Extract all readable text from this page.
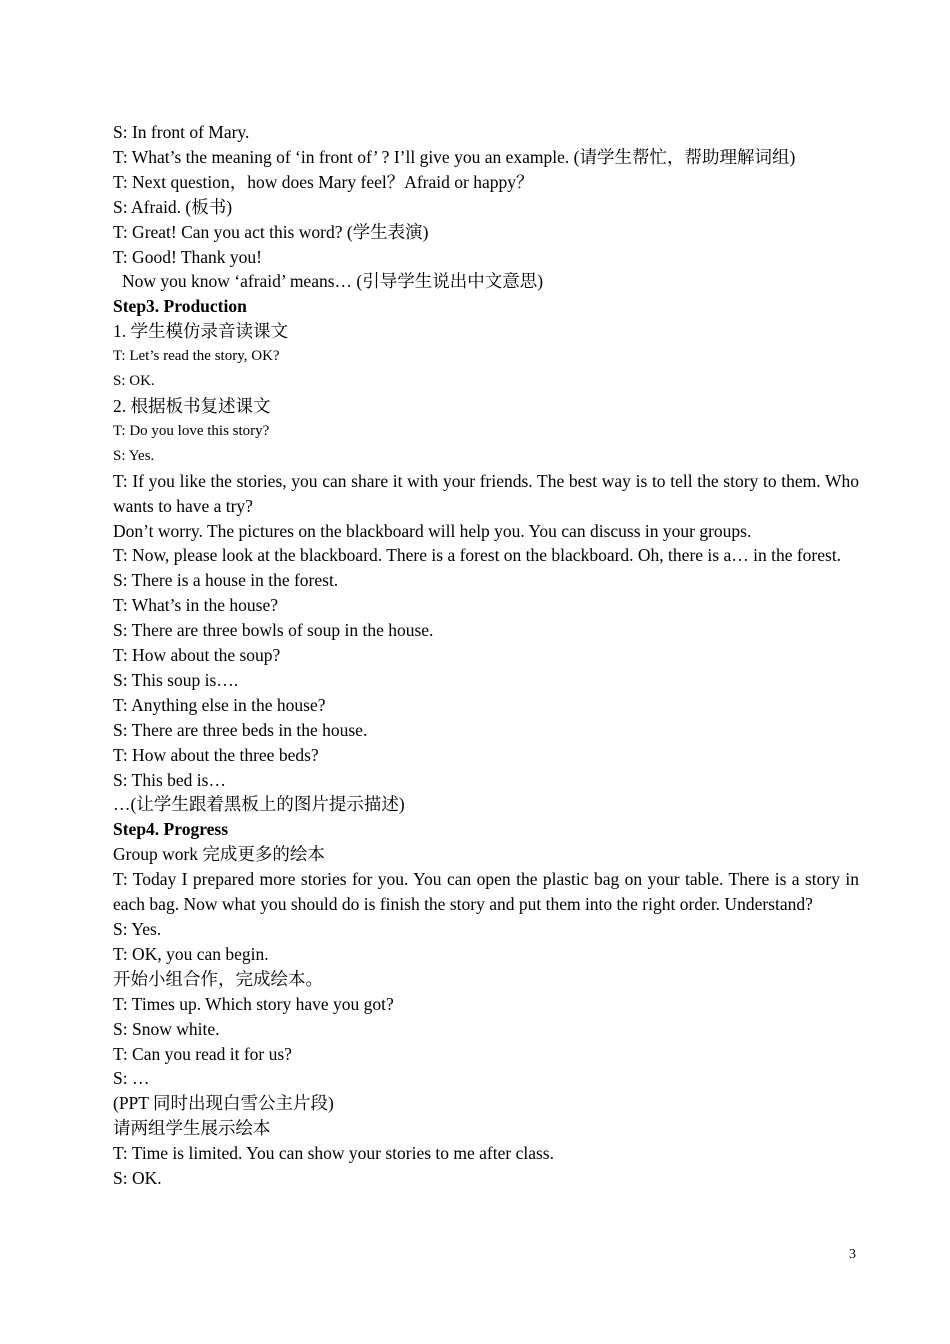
S: In front of Mary.
T: What’s the meaning of ‘in front of’ ? I’ll give you an example. (请学生帮忙，帮助理解词组)
T: Next question，how does Mary feel？Afraid or happy？
S: Afraid. (板书)
T: Great! Can you act this word? (学生表演)
T: Good! Thank you!
Now you know ‘afraid’ means… (引导学生说出中文意思)
Step3. Production
1. 学生模仿录音读课文
T: Let’s read the story, OK?
S: OK.
2. 根据板书复述课文
T: Do you love this story?
S: Yes.
T: If you like the stories, you can share it with your friends. The best way is to tell the story to them. Who wants to have a try?
Don’t worry. The pictures on the blackboard will help you. You can discuss in your groups.
T: Now, please look at the blackboard. There is a forest on the blackboard. Oh, there is a… in the forest.
S: There is a house in the forest.
T: What’s in the house?
S: There are three bowls of soup in the house.
T: How about the soup?
S: This soup is….
T: Anything else in the house?
S: There are three beds in the house.
T: How about the three beds?
S: This bed is…
…(让学生跟着黑板上的图片提示描述)
Step4. Progress
Group work 完成更多的绘本
T: Today I prepared more stories for you. You can open the plastic bag on your table. There is a story in each bag. Now what you should do is finish the story and put them into the right order. Understand?
S: Yes.
T: OK, you can begin.
开始小组合作，完成绘本。
T: Times up. Which story have you got?
S: Snow white.
T: Can you read it for us?
S: …
(PPT 同时出现白雪公主片段)
请两组学生展示绘本
T: Time is limited. You can show your stories to me after class.
S: OK.
3
